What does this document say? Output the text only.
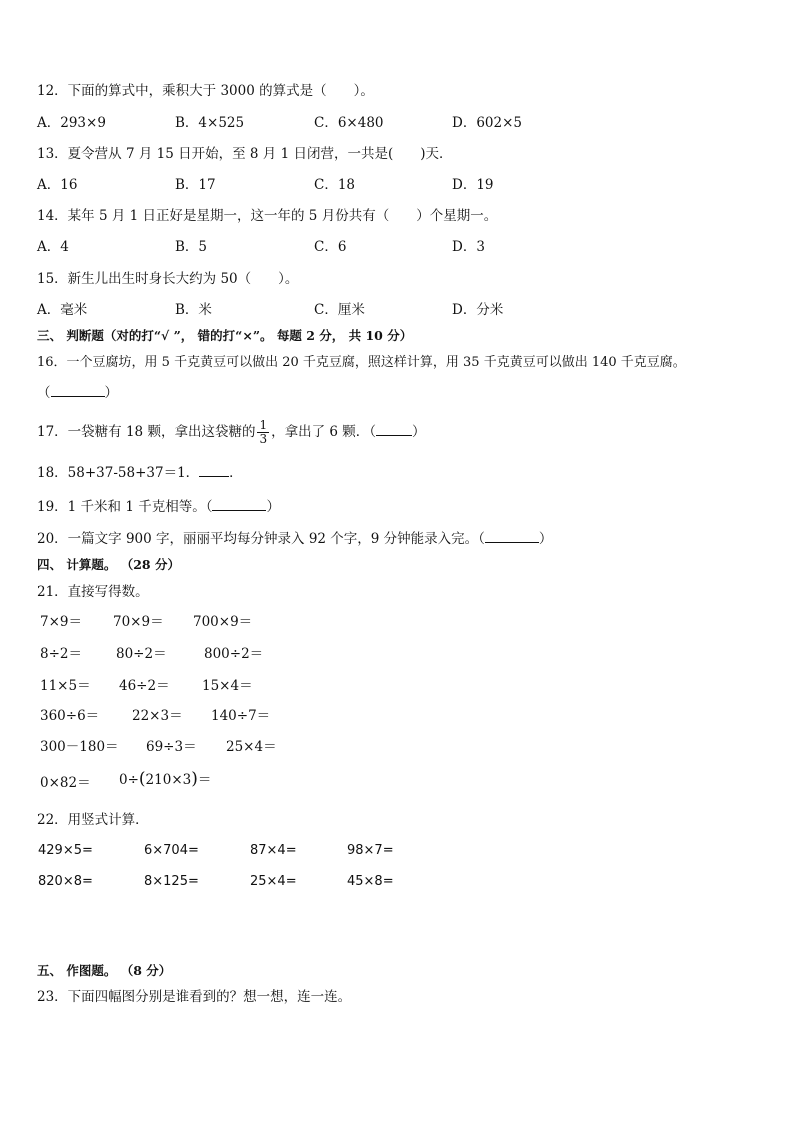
12．下面的算式中，乘积大于 3000 的算式是（　　）。
A．293×9	B．4×525	C．6×480	D．602×5
13．夏令营从 7 月 15 日开始，至 8 月 1 日闭营，一共是(　　)天．
A．16	B．17	C．18	D．19
14．某年 5 月 1 日正好是星期一，这一年的 5 月份共有（　　）个星期一。
A．4	B．5	C．6	D．3
15．新生儿出生时身长大约为 50（　　）。
A．毫米	B．米	C．厘米	D．分米
三、 判断题（对的打“√ ”， 错的打“×”。 每题 2 分， 共 10 分）
16．一个豆腐坊，用 5 千克黄豆可以做出 20 千克豆腐，照这样计算，用 35 千克黄豆可以做出 140 千克豆腐。
（	）
17．一袋糖有 18 颗，拿出这袋糖的 $\frac{1}{3}$ ，拿出了 6 颗．（	）
18．58+37-58+37＝1． ．
19．1 千米和 1 千克相等。（	）
20．一篇文字 900 字，丽丽平均每分钟录入 92 个字，9 分钟能录入完。（	）
四、 计算题。 （28 分）
21．直接写得数。
7×9＝ 70×9＝ 700×9＝
8÷2＝	80÷2＝	800÷2＝
11×5＝ 46÷2＝ 15×4＝
360÷6＝ 22×3＝ 140÷7＝
300－180＝ 69÷3＝ 25×4＝
0×82＝ 0÷(210×3)＝
22．用竖式计算．
429×5=	6×704=	87×4=	98×7=
820×8=	8×125=	25×4=	45×8=
五、 作图题。 （8 分）
23．下面四幅图分别是谁看到的？想一想，连一连。
